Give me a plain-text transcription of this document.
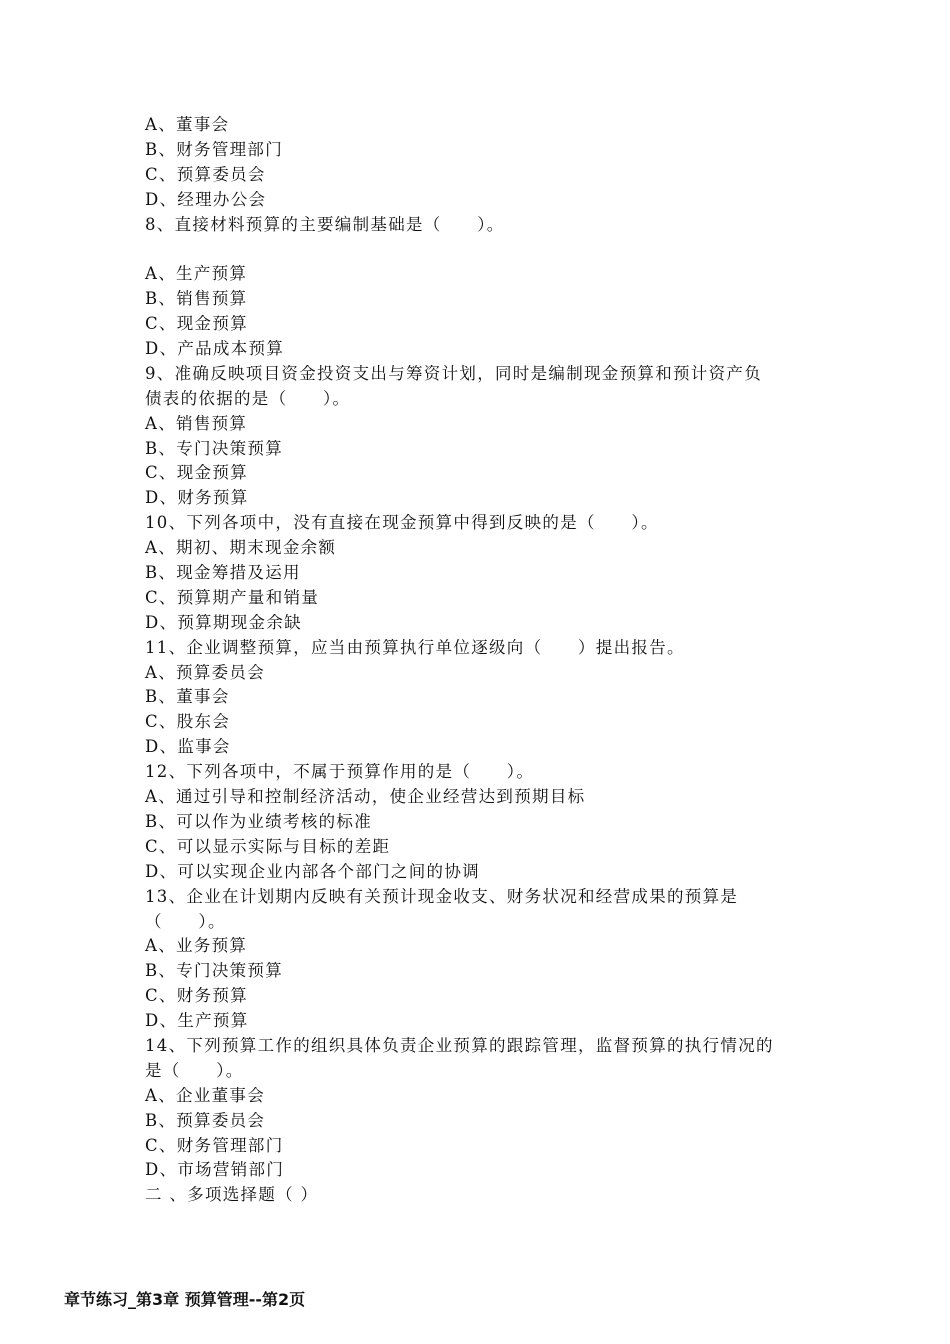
A、董事会
B、财务管理部门
C、预算委员会
D、经理办公会
8、直接材料预算的主要编制基础是（　　）。
A、生产预算
B、销售预算
C、现金预算
D、产品成本预算
9、准确反映项目资金投资支出与筹资计划，同时是编制现金预算和预计资产负
债表的依据的是（　　）。
A、销售预算
B、专门决策预算
C、现金预算
D、财务预算
10、下列各项中，没有直接在现金预算中得到反映的是（　　）。
A、期初、期末现金余额
B、现金筹措及运用
C、预算期产量和销量
D、预算期现金余缺
11、企业调整预算，应当由预算执行单位逐级向（　　）提出报告。
A、预算委员会
B、董事会
C、股东会
D、监事会
12、下列各项中，不属于预算作用的是（　　）。
A、通过引导和控制经济活动，使企业经营达到预期目标
B、可以作为业绩考核的标准
C、可以显示实际与目标的差距
D、可以实现企业内部各个部门之间的协调
13、企业在计划期内反映有关预计现金收支、财务状况和经营成果的预算是
（　　）。
A、业务预算
B、专门决策预算
C、财务预算
D、生产预算
14、下列预算工作的组织具体负责企业预算的跟踪管理，监督预算的执行情况的
是（　　）。
A、企业董事会
B、预算委员会
C、财务管理部门
D、市场营销部门
二 、多项选择题（ ）
章节练习_第3章 预算管理--第2页
